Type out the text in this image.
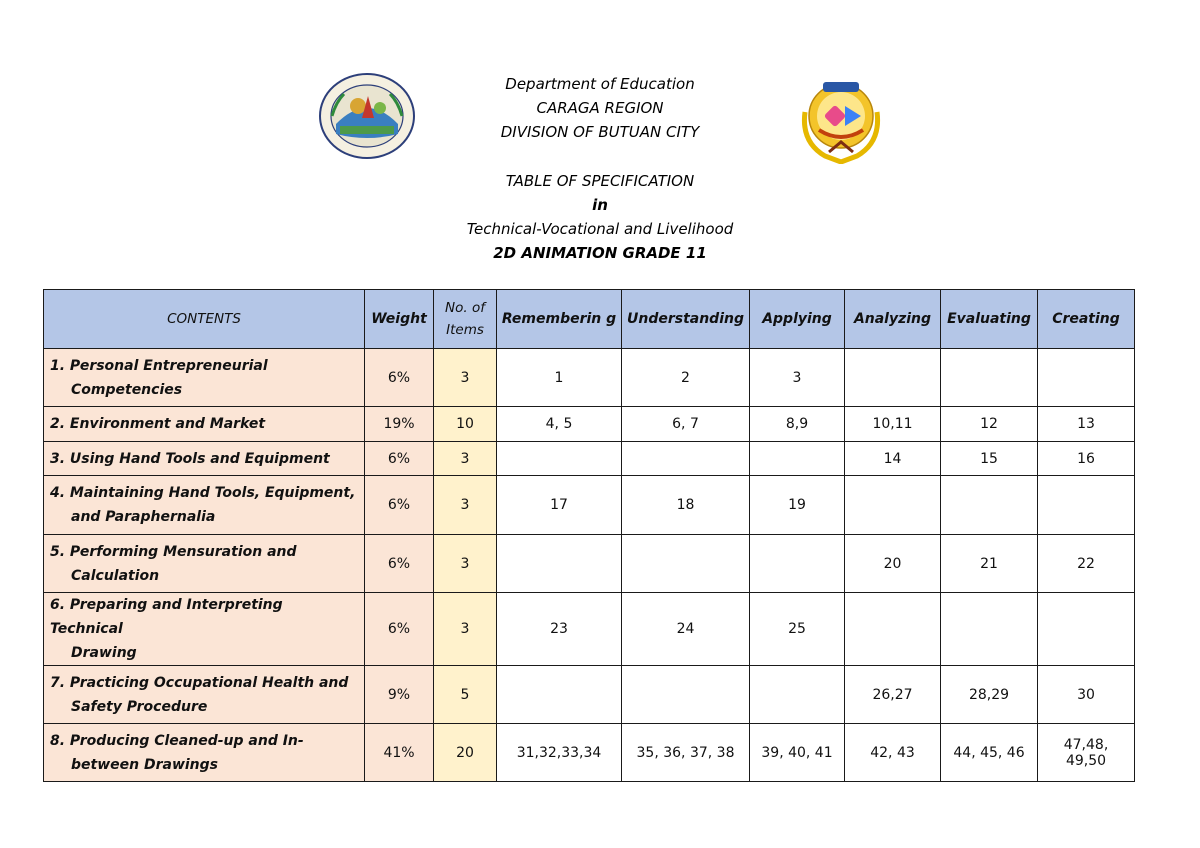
Department of Education
CARAGA REGION
DIVISION OF BUTUAN CITY
TABLE OF SPECIFICATION
in
Technical-Vocational and Livelihood
2D ANIMATION GRADE 11
CONTENTS	Weight	No. of Items	Rememberin g	Understanding	Applying	Analyzing	Evaluating	Creating
1. Personal Entrepreneurial
Competencies	6%	3	1	2	3			
2. Environment and Market	19%	10	4, 5	6, 7	8,9	10,11	12	13
3. Using Hand Tools and Equipment	6%	3				14	15	16
4. Maintaining Hand Tools, Equipment,
and Paraphernalia	6%	3	17	18	19			
5. Performing Mensuration and
Calculation	6%	3				20	21	22
6. Preparing and Interpreting Technical
Drawing	6%	3	23	24	25			
7. Practicing Occupational Health and
Safety Procedure	9%	5				26,27	28,29	30
8. Producing Cleaned-up and In-
between Drawings	41%	20	31,32,33,34	35, 36, 37, 38	39, 40, 41	42, 43	44, 45, 46	47,48, 49,50
